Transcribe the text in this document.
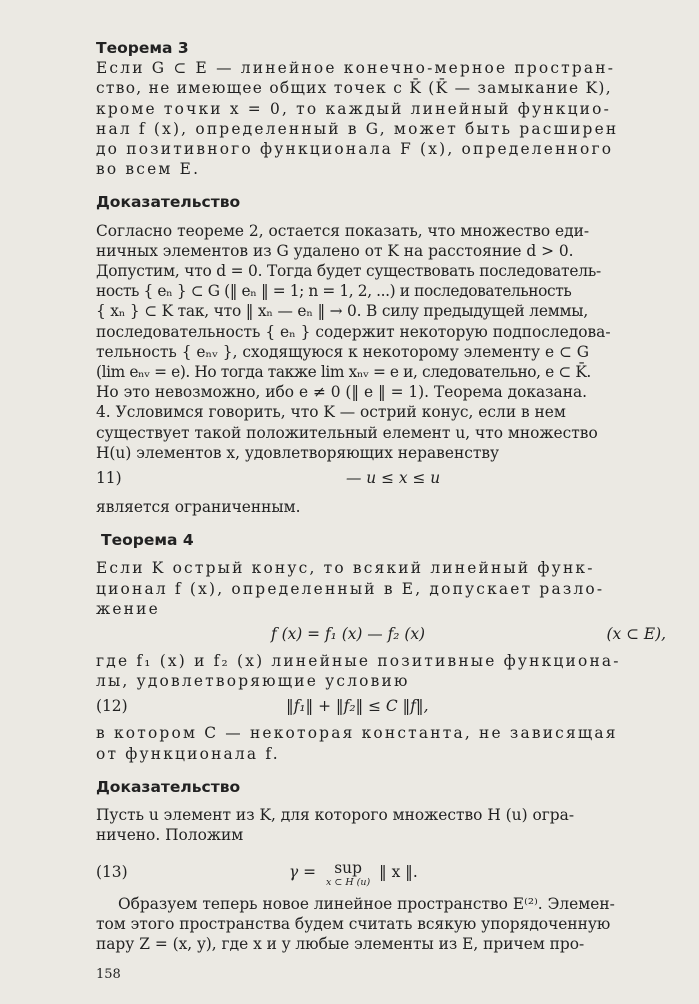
Теорема 3

Если G ⊂ E — линейное конечно-мерное простран-

ство, не имеющее общих точек с K̄ (K̄ — замыкание K),

кроме точки x = 0, то каждый линейный функцио-

нал f (x), определенный в G, может быть расширен

до позитивного функционала F (x), определенного

во всем E.

Доказательство

Согласно теореме 2, остается показать, что множество еди-

ничных элементов из G удалено от K на расстояние d > 0.

Допустим, что d = 0. Тогда будет существовать последователь-

ность { eₙ } ⊂ G (‖ eₙ ‖ = 1; n = 1, 2, ...) и последовательность

{ xₙ } ⊂ K так, что ‖ xₙ — eₙ ‖ → 0. В силу предыдущей леммы,

последовательность { eₙ } содержит некоторую подпоследова-

тельность { eₙᵥ }, сходящуюся к некоторому элементу e ⊂ G

(lim eₙᵥ = e). Но тогда также lim xₙᵥ = e и, следовательно, e ⊂ K̄.

Но это невозможно, ибо e ≠ 0 (‖ e ‖ = 1). Теорема доказана.

4. Условимся говорить, что K — острий конус, если в нем

существует такой положительный елемент u, что множество

H(u) элементов x, удовлетворяющих неравенству

11)	— u ≤ x ≤ u

является ограниченным.

Теорема 4

Если K острый конус, то всякий линейный функ-

ционал f (x), определенный в E, допускает разло-

жение

f (x) = f₁ (x) — f₂ (x)	(x ⊂ E),

где f₁ (x) и f₂ (x) линейные позитивные функциона-

лы, удовлетворяющие условию

(12)	‖f₁‖ + ‖f₂‖ ≤ C ‖f‖,

в котором C — некоторая константа, не зависящая

от функционала f.

Доказательство

Пусть u элемент из K, для которого множество H (u) огра-

ничено. Положим

(13)	γ =	sup
x ⊂ H (u)
‖ x ‖.

Образуем теперь новое линейное пространство E⁽²⁾. Элемен-

том этого пространства будем считать всякую упорядоченную

пару Z = (x, y), где x и y любые элементы из E, причем про-

158
